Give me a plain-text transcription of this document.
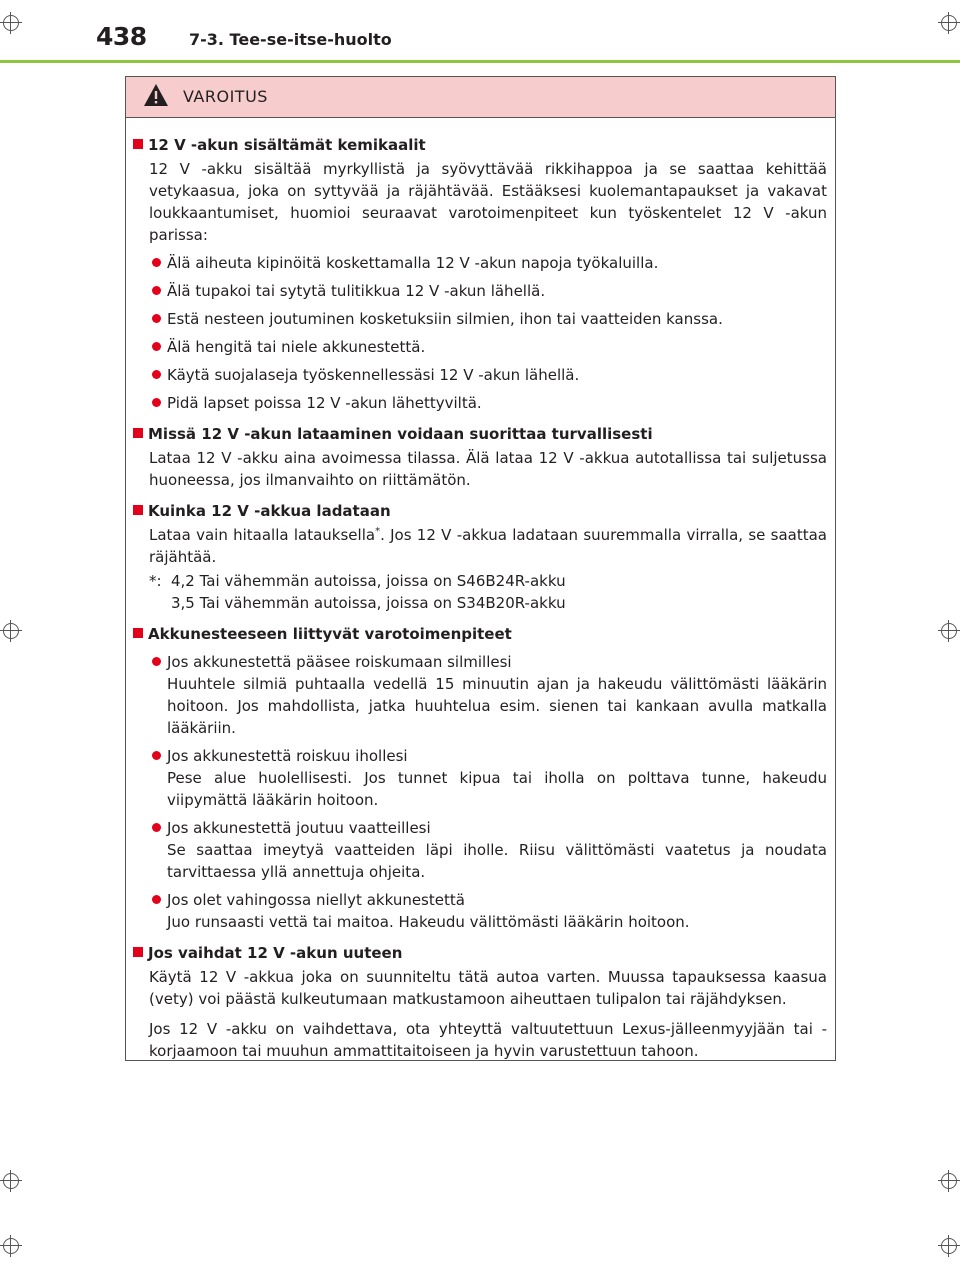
438	7-3. Tee-se-itse-huolto
VAROITUS
12 V -akun sisältämät kemikaalit
12 V -akku sisältää myrkyllistä ja syövyttävää rikkihappoa ja se saattaa kehittää vetykaasua, joka on syttyvää ja räjähtävää. Estääksesi kuolemantapaukset ja vakavat loukkaantumiset, huomioi seuraavat varotoimenpiteet kun työskentelet 12 V -akun parissa:
Älä aiheuta kipinöitä koskettamalla 12 V -akun napoja työkaluilla.
Älä tupakoi tai sytytä tulitikkua 12 V -akun lähellä.
Estä nesteen joutuminen kosketuksiin silmien, ihon tai vaatteiden kanssa.
Älä hengitä tai niele akkunestettä.
Käytä suojalaseja työskennellessäsi 12 V -akun lähellä.
Pidä lapset poissa 12 V -akun lähettyviltä.
Missä 12 V -akun lataaminen voidaan suorittaa turvallisesti
Lataa 12 V -akku aina avoimessa tilassa. Älä lataa 12 V -akkua autotallissa tai suljetussa huoneessa, jos ilmanvaihto on riittämätön.
Kuinka 12 V -akkua ladataan
Lataa vain hitaalla latauksella*. Jos 12 V -akkua ladataan suuremmalla virralla, se saattaa räjähtää.
*: 4,2 Tai vähemmän autoissa, joissa on S46B24R-akku
3,5 Tai vähemmän autoissa, joissa on S34B20R-akku
Akkunesteeseen liittyvät varotoimenpiteet
Jos akkunestettä pääsee roiskumaan silmillesi
Huuhtele silmiä puhtaalla vedellä 15 minuutin ajan ja hakeudu välittömästi lääkärin hoitoon. Jos mahdollista, jatka huuhtelua esim. sienen tai kankaan avulla matkalla lääkäriin.
Jos akkunestettä roiskuu ihollesi
Pese alue huolellisesti. Jos tunnet kipua tai iholla on polttava tunne, hakeudu viipymättä lääkärin hoitoon.
Jos akkunestettä joutuu vaatteillesi
Se saattaa imeytyä vaatteiden läpi iholle. Riisu välittömästi vaatetus ja noudata tarvittaessa yllä annettuja ohjeita.
Jos olet vahingossa niellyt akkunestettä
Juo runsaasti vettä tai maitoa. Hakeudu välittömästi lääkärin hoitoon.
Jos vaihdat 12 V -akun uuteen
Käytä 12 V -akkua joka on suunniteltu tätä autoa varten. Muussa tapauksessa kaasua (vety) voi päästä kulkeutumaan matkustamoon aiheuttaen tulipalon tai räjähdyksen.
Jos 12 V -akku on vaihdettava, ota yhteyttä valtuutettuun Lexus-jälleenmyyjään tai -korjaamoon tai muuhun ammattitaitoiseen ja hyvin varustettuun tahoon.
